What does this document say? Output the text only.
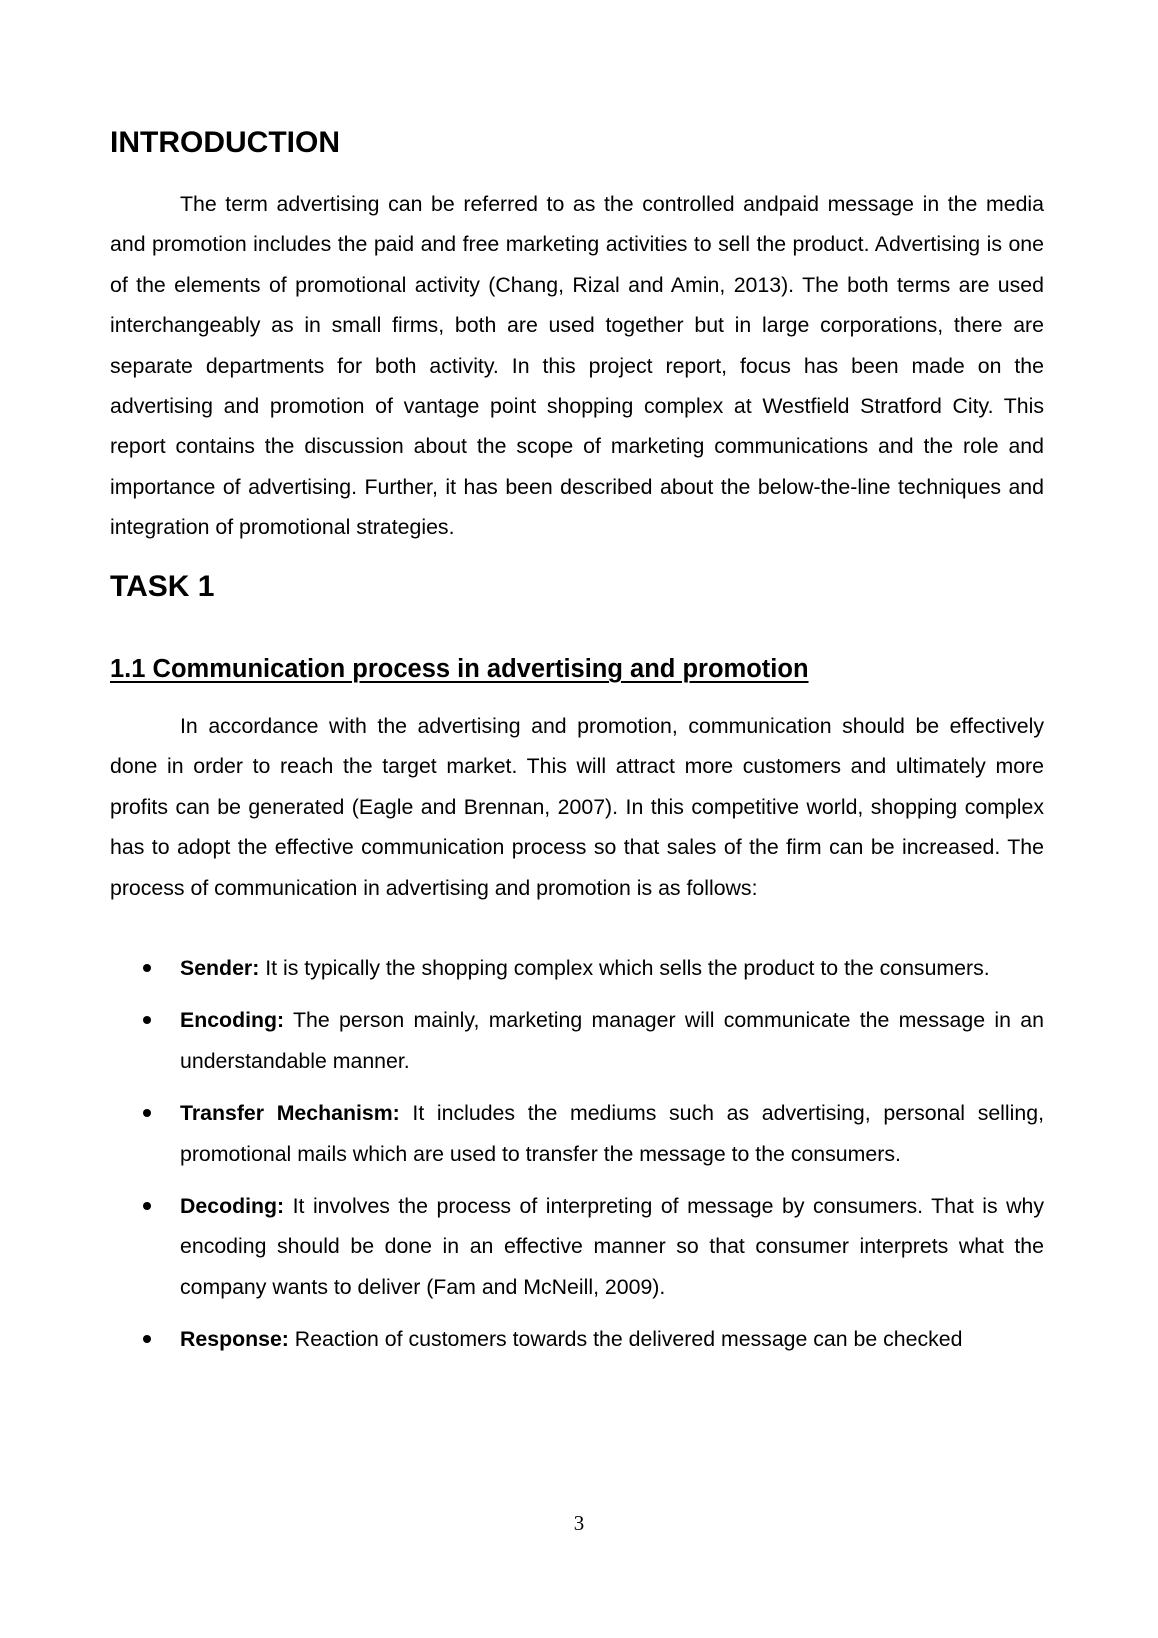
INTRODUCTION

The term advertising can be referred to as the controlled andpaid message in the media and promotion includes the paid and free marketing activities to sell the product. Advertising is one of the elements of promotional activity (Chang, Rizal and Amin, 2013). The both terms are used interchangeably as in small firms, both are used together but in large corporations, there are separate departments for both activity. In this project report, focus has been made on the advertising and promotion of vantage point shopping complex at Westfield Stratford City. This report contains the discussion about the scope of marketing communications and the role and importance of advertising. Further, it has been described about the below-the-line techniques and integration of promotional strategies.

TASK 1
1.1 Communication process in advertising and promotion

In accordance with the advertising and promotion, communication should be effectively done in order to reach the target market. This will attract more customers and ultimately more profits can be generated (Eagle and Brennan, 2007). In this competitive world, shopping complex has to adopt the effective communication process so that sales of the firm can be increased. The process of communication in advertising and promotion is as follows:

Sender: It is typically the shopping complex which sells the product to the consumers.
Encoding: The person mainly, marketing manager will communicate the message in an understandable manner.
Transfer Mechanism: It includes the mediums such as advertising, personal selling, promotional mails which are used to transfer the message to the consumers.
Decoding: It involves the process of interpreting of message by consumers. That is why encoding should be done in an effective manner so that consumer interprets what the company wants to deliver (Fam and McNeill, 2009).
Response: Reaction of customers towards the delivered message can be checked
3
